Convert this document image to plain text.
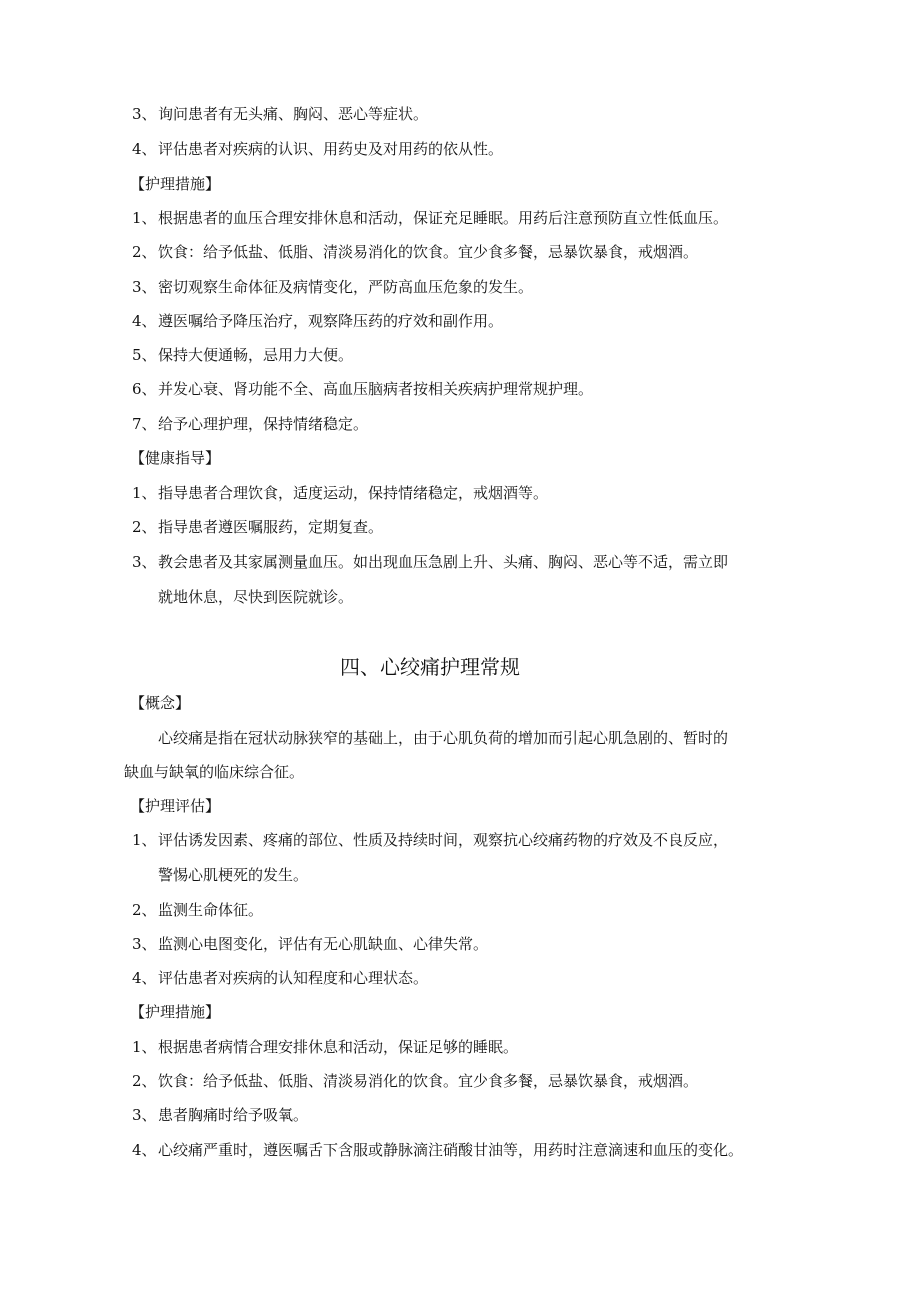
3、询问患者有无头痛、胸闷、恶心等症状。
4、评估患者对疾病的认识、用药史及对用药的依从性。
【护理措施】
1、根据患者的血压合理安排休息和活动，保证充足睡眠。用药后注意预防直立性低血压。
2、饮食：给予低盐、低脂、清淡易消化的饮食。宜少食多餐，忌暴饮暴食，戒烟酒。
3、密切观察生命体征及病情变化，严防高血压危象的发生。
4、遵医嘱给予降压治疗，观察降压药的疗效和副作用。
5、保持大便通畅，忌用力大便。
6、并发心衰、肾功能不全、高血压脑病者按相关疾病护理常规护理。
7、给予心理护理，保持情绪稳定。
【健康指导】
1、指导患者合理饮食，适度运动，保持情绪稳定，戒烟酒等。
2、指导患者遵医嘱服药，定期复查。
3、教会患者及其家属测量血压。如出现血压急剧上升、头痛、胸闷、恶心等不适，需立即
就地休息，尽快到医院就诊。
四、心绞痛护理常规
【概念】
心绞痛是指在冠状动脉狭窄的基础上，由于心肌负荷的增加而引起心肌急剧的、暂时的
缺血与缺氧的临床综合征。
【护理评估】
1、评估诱发因素、疼痛的部位、性质及持续时间，观察抗心绞痛药物的疗效及不良反应，
警惕心肌梗死的发生。
2、监测生命体征。
3、监测心电图变化，评估有无心肌缺血、心律失常。
4、评估患者对疾病的认知程度和心理状态。
【护理措施】
1、根据患者病情合理安排休息和活动，保证足够的睡眠。
2、饮食：给予低盐、低脂、清淡易消化的饮食。宜少食多餐，忌暴饮暴食，戒烟酒。
3、患者胸痛时给予吸氧。
4、心绞痛严重时，遵医嘱舌下含服或静脉滴注硝酸甘油等，用药时注意滴速和血压的变化。
